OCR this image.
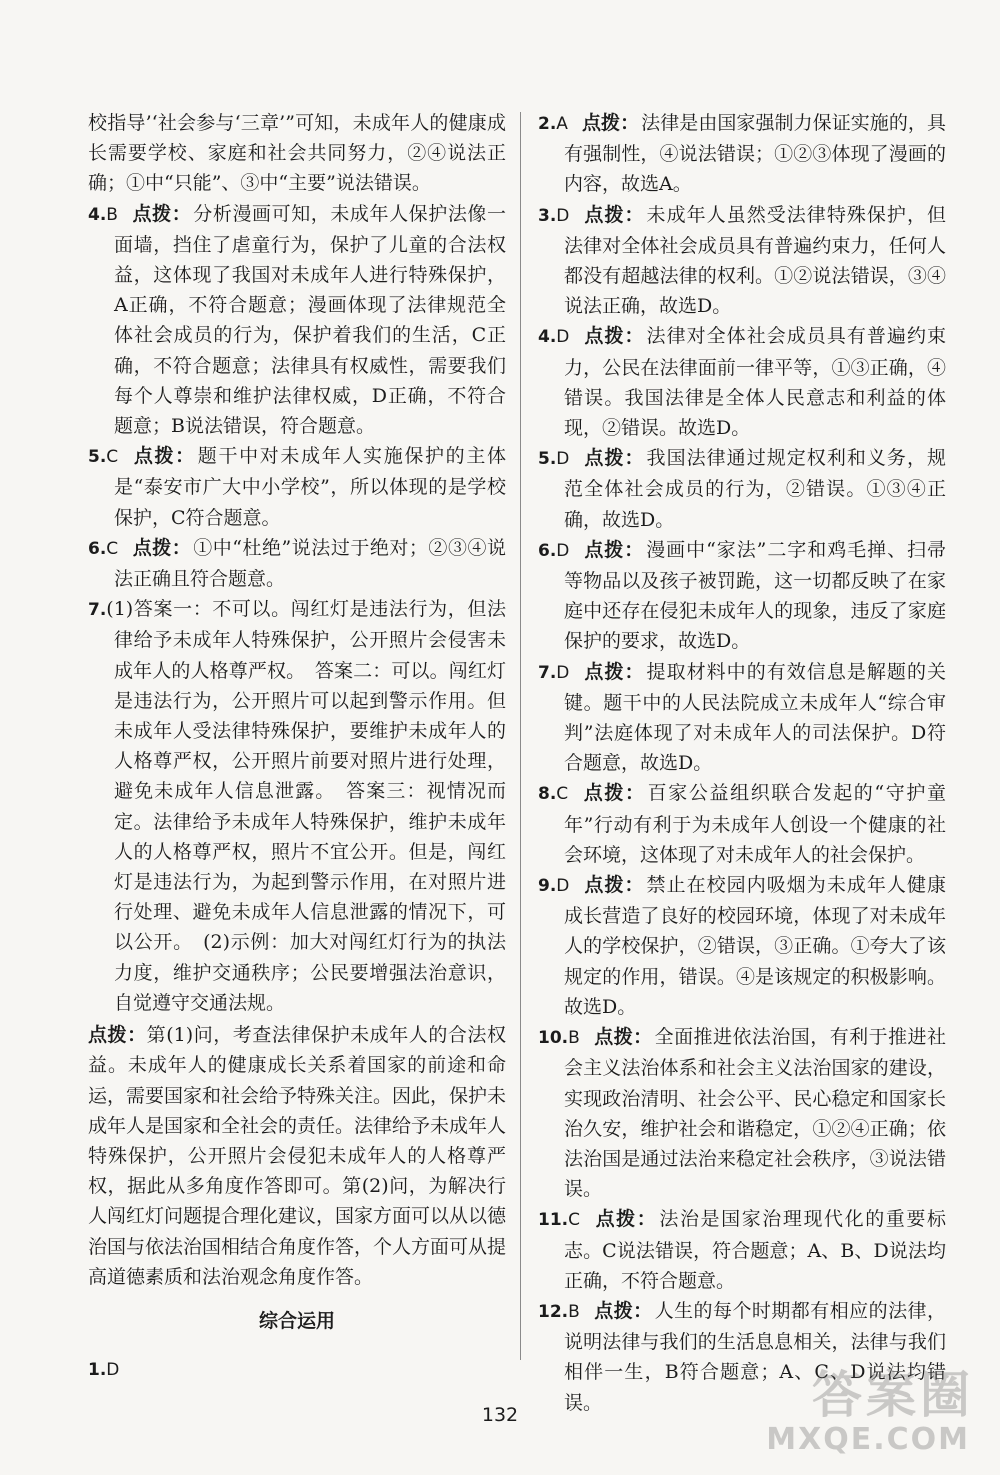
校指导’‘社会参与‘三章’”可知，未成年人的健康成长需要学校、家庭和社会共同努力，②④说法正确；①中“只能”、③中“主要”说法错误。
4.B 点拨： 分析漫画可知，未成年人保护法像一面墙，挡住了虐童行为，保护了儿童的合法权益，这体现了我国对未成年人进行特殊保护，A正确，不符合题意；漫画体现了法律规范全体社会成员的行为，保护着我们的生活，C正确，不符合题意；法律具有权威性，需要我们每个人尊崇和维护法律权威，D正确，不符合题意；B说法错误，符合题意。
5.C 点拨： 题干中对未成年人实施保护的主体是“泰安市广大中小学校”，所以体现的是学校保护，C符合题意。
6.C 点拨： ①中“杜绝”说法过于绝对；②③④说法正确且符合题意。
7.(1)答案一：不可以。闯红灯是违法行为，但法律给予未成年人特殊保护，公开照片会侵害未成年人的人格尊严权。　答案二：可以。闯红灯是违法行为，公开照片可以起到警示作用。但未成年人受法律特殊保护，要维护未成年人的人格尊严权，公开照片前要对照片进行处理，避免未成年人信息泄露。　答案三：视情况而定。法律给予未成年人特殊保护，维护未成年人的人格尊严权，照片不宜公开。但是，闯红灯是违法行为，为起到警示作用，在对照片进行处理、避免未成年人信息泄露的情况下，可以公开。　(2)示例：加大对闯红灯行为的执法力度，维护交通秩序；公民要增强法治意识，自觉遵守交通法规。
点拨：第(1)问，考查法律保护未成年人的合法权益。未成年人的健康成长关系着国家的前途和命运，需要国家和社会给予特殊关注。因此，保护未成年人是国家和全社会的责任。法律给予未成年人特殊保护，公开照片会侵犯未成年人的人格尊严权，据此从多角度作答即可。第(2)问，为解决行人闯红灯问题提合理化建议，国家方面可以从以德治国与依法治国相结合角度作答，个人方面可从提高道德素质和法治观念角度作答。
综合运用
1.D
2.A 点拨： 法律是由国家强制力保证实施的，具有强制性，④说法错误；①②③体现了漫画的内容，故选A。
3.D 点拨： 未成年人虽然受法律特殊保护，但法律对全体社会成员具有普遍约束力，任何人都没有超越法律的权利。①②说法错误，③④说法正确，故选D。
4.D 点拨： 法律对全体社会成员具有普遍约束力，公民在法律面前一律平等，①③正确，④错误。我国法律是全体人民意志和利益的体现，②错误。故选D。
5.D 点拨： 我国法律通过规定权利和义务，规范全体社会成员的行为，②错误。①③④正确，故选D。
6.D 点拨： 漫画中“家法”二字和鸡毛掸、扫帚等物品以及孩子被罚跪，这一切都反映了在家庭中还存在侵犯未成年人的现象，违反了家庭保护的要求，故选D。
7.D 点拨： 提取材料中的有效信息是解题的关键。题干中的人民法院成立未成年人“综合审判”法庭体现了对未成年人的司法保护。D符合题意，故选D。
8.C 点拨： 百家公益组织联合发起的“守护童年”行动有利于为未成年人创设一个健康的社会环境，这体现了对未成年人的社会保护。
9.D 点拨： 禁止在校园内吸烟为未成年人健康成长营造了良好的校园环境，体现了对未成年人的学校保护，②错误，③正确。①夸大了该规定的作用，错误。④是该规定的积极影响。故选D。
10.B 点拨： 全面推进依法治国，有利于推进社会主义法治体系和社会主义法治国家的建设，实现政治清明、社会公平、民心稳定和国家长治久安，维护社会和谐稳定，①②④正确；依法治国是通过法治来稳定社会秩序，③说法错误。
11.C 点拨： 法治是国家治理现代化的重要标志。C说法错误，符合题意；A、B、D说法均正确，不符合题意。
12.B 点拨： 人生的每个时期都有相应的法律，说明法律与我们的生活息息相关，法律与我们相伴一生，B符合题意；A、C、D说法均错误。
132	答案圈
MXQE.COM
